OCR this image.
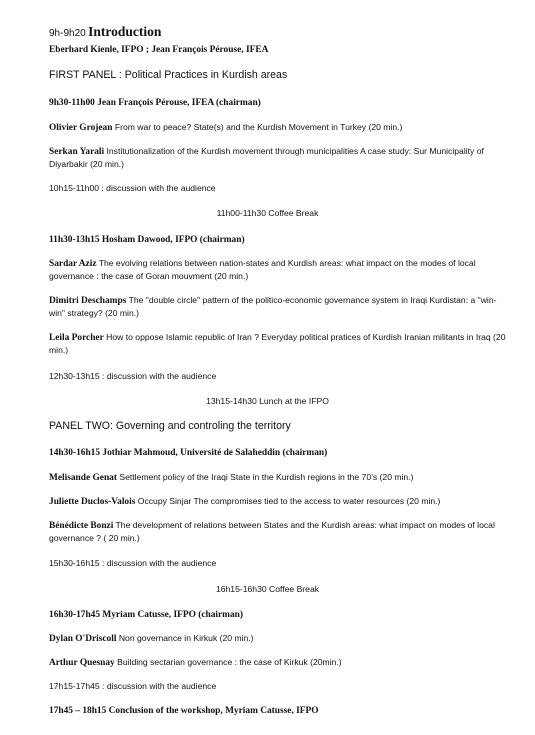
9h-9h20 Introduction
Eberhard Kienle, IFPO ; Jean François Pérouse, IFEA
FIRST PANEL : Political Practices in Kurdish areas
9h30-11h00 Jean François Pérouse, IFEA (chairman)
Olivier Grojean From war to peace? State(s) and the Kurdish Movement in Turkey (20 min.)
Serkan Yarali Institutionalization of the Kurdish movement through municipalities A case study: Sur Municipality of Diyarbakir (20 min.)
10h15-11h00 : discussion with the audience
11h00-11h30 Coffee Break
11h30-13h15 Hosham Dawood, IFPO (chairman)
Sardar Aziz The evolving relations between nation-states and Kurdish areas: what impact on the modes of local governance : the case of Goran mouvment (20 min.)
Dimitri Deschamps The "double circle" pattern of the politico-economic governance system in Iraqi Kurdistan: a "win-win" strategy? (20 min.)
Leila Porcher How to oppose Islamic republic of Iran ? Everyday political pratices of Kurdish Iranian militants in Iraq (20 min.)
12h30-13h15 : discussion with the audience
13h15-14h30 Lunch at the IFPO
PANEL TWO: Governing and controling the territory
14h30-16h15 Jothiar Mahmoud, Université de Salaheddin (chairman)
Melisande Genat Settlement policy of the Iraqi State in the Kurdish regions in the 70’s (20 min.)
Juliette Duclos-Valois Occupy Sinjar The compromises tied to the access to water resources (20 min.)
Bénédicte Bonzi The development of relations between States and the Kurdish areas: what impact on modes of local governance ? ( 20 min.)
15h30-16h15 : discussion with the audience
16h15-16h30 Coffee Break
16h30-17h45 Myriam Catusse, IFPO (chairman)
Dylan O'Driscoll Non governance in Kirkuk (20 min.)
Arthur Quesnay Building sectarian governance : the case of Kirkuk (20min.)
17h15-17h45 : discussion with the audience
17h45 – 18h15 Conclusion of the workshop, Myriam Catusse, IFPO
